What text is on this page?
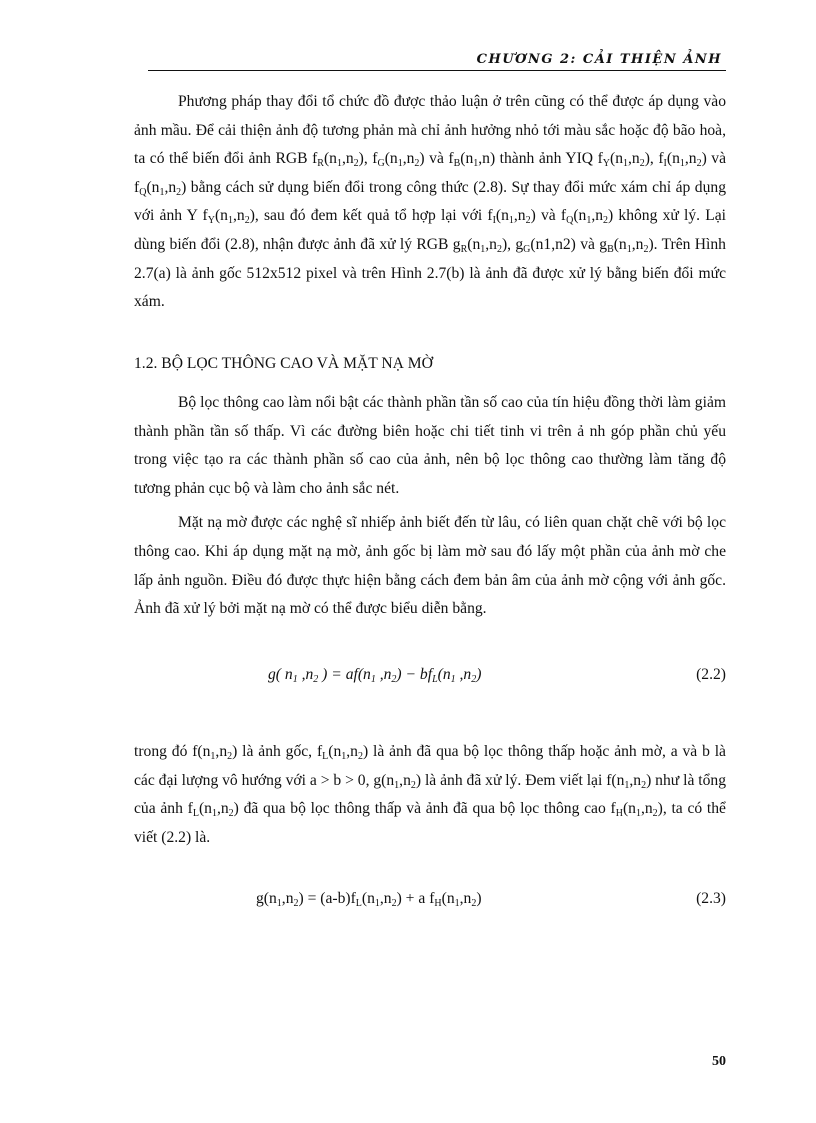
CHƯƠNG 2: CẢI THIỆN ẢNH

Phương pháp thay đổi tổ chức đồ được thảo luận ở trên cũng có thể được áp dụng vào ảnh mầu. Để cải thiện ảnh độ tương phản mà chỉ ảnh hưởng nhỏ tới màu sắc hoặc độ bão hoà, ta có thể biến đổi ảnh RGB $f_R(n_1,n_2)$, $f_G(n_1,n_2)$ và $f_B(n_1,n)$ thành ảnh YIQ $f_Y(n_1,n_2)$, $f_I(n_1,n_2)$ và $f_Q(n_1,n_2)$ bằng cách sử dụng biến đổi trong công thức (2.8). Sự thay đổi mức xám chỉ áp dụng với ảnh Y $f_Y(n_1,n_2)$, sau đó đem kết quả tổ hợp lại với $f_I(n_1,n_2)$ và $f_Q(n_1,n_2)$ không xử lý. Lại dùng biến đổi (2.8), nhận được ảnh đã xử lý RGB $g_R(n_1,n_2)$, $g_G(n1,n2)$ và $g_B(n_1,n_2)$. Trên Hình 2.7(a) là ảnh gốc 512x512 pixel và trên Hình 2.7(b) là ảnh đã được xử lý bằng biến đổi mức xám.

1.2. BỘ LỌC THÔNG CAO VÀ MẶT NẠ MỜ

Bộ lọc thông cao làm nổi bật các thành phần tần số cao của tín hiệu đồng thời làm giảm thành phần tần số thấp. Vì các đường biên hoặc chi tiết tinh vi trên ả nh góp phần chủ yếu trong việc tạo ra các thành phần số cao của ảnh, nên bộ lọc thông cao thường làm tăng độ tương phản cục bộ và làm cho ảnh sắc nét.

Mặt nạ mờ được các nghệ sĩ nhiếp ảnh biết đến từ lâu, có liên quan chặt chẽ với bộ lọc thông cao. Khi áp dụng mặt nạ mờ, ảnh gốc bị làm mờ sau đó lấy một phần của ảnh mờ che lấp ảnh nguồn. Điều đó được thực hiện bằng cách đem bản âm của ảnh mờ cộng với ảnh gốc. Ảnh đã xử lý bởi mặt nạ mờ có thể được biểu diễn bằng.

g( $n_1$ $,n_2$ ) = $af(n_1$ $,n_2) - bf_L(n_1$ $,n_2$)	(2.2)

trong đó $f(n_1,n_2)$ là ảnh gốc, $f_L(n_1,n_2)$ là ảnh đã qua bộ lọc thông thấp hoặc ảnh mờ, a và b là các đại lượng vô hướng với a > b > 0, $g(n_1,n_2)$ là ảnh đã xử lý. Đem viết lại $f(n_1,n_2)$ như là tổng của ảnh $f_L(n_1,n_2)$ đã qua bộ lọc thông thấp và ảnh đã qua bộ lọc thông cao $f_H(n_1,n_2)$, ta có thể viết (2.2) là.

$g(n_1,n_2) = (a-b)f_L(n_1,n_2) + a$ $f_H(n_1,n_2)$	(2.3)
50
